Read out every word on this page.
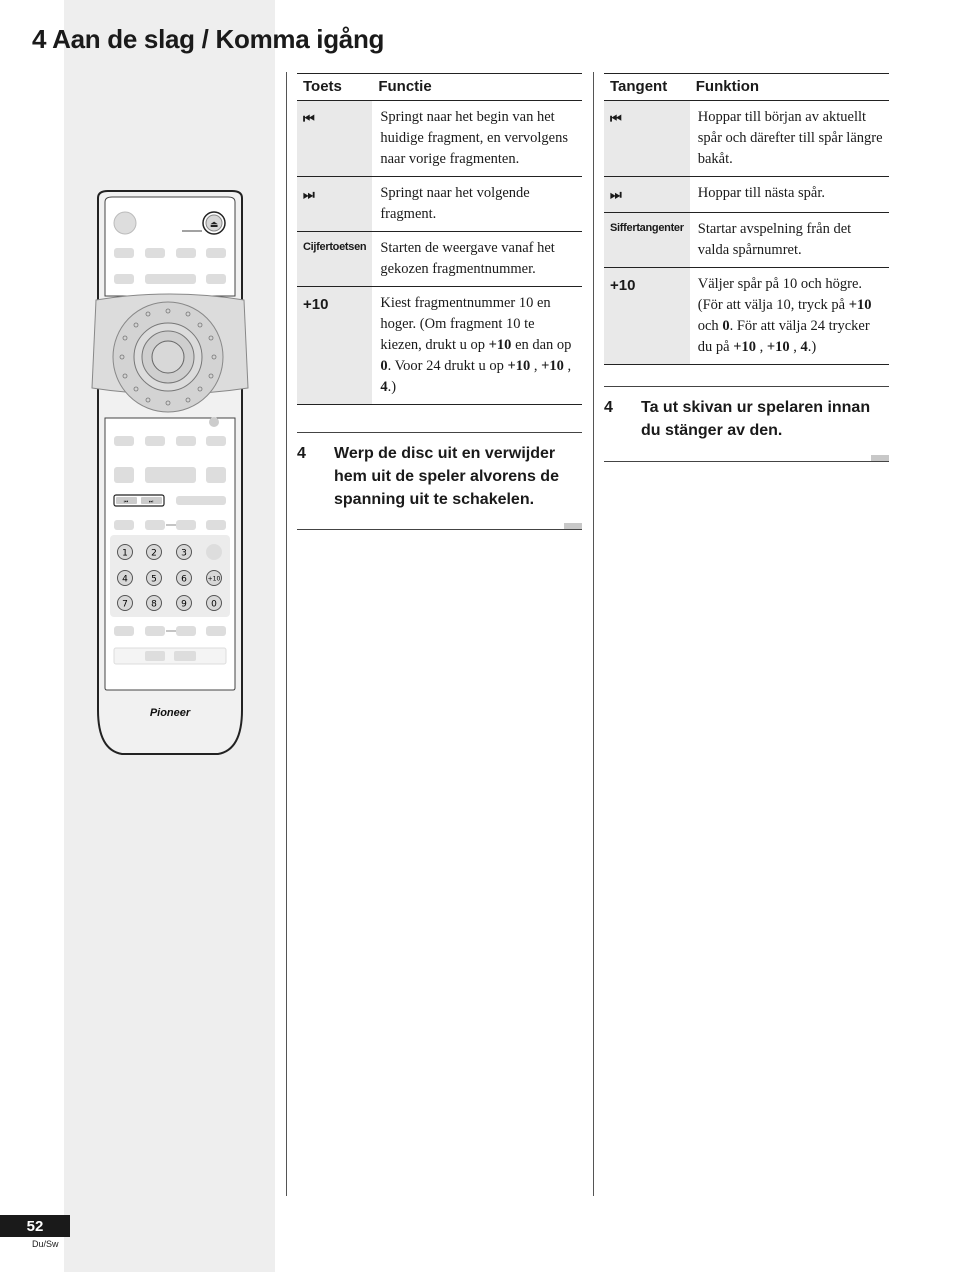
4 Aan de slag / Komma igång
⏏
⏮	⏭
1	2	3
4	5	6	+10
7	8	9	0
Pioneer
Toets	Functie
⏮	Springt naar het begin van het huidige fragment, en vervolgens naar vorige fragmenten.
⏭	Springt naar het volgende fragment.
Cijfertoetsen	Starten de weergave vanaf het gekozen fragmentnummer.
+10	Kiest fragmentnummer 10 en hoger. (Om fragment 10 te kiezen, drukt u op +10 en dan op 0. Voor 24 drukt u op +10 , +10 , 4.)
4	Werp de disc uit en verwijder hem uit de speler alvorens de spanning uit te schakelen.
Tangent	Funktion
⏮	Hoppar till början av aktuellt spår och därefter till spår längre bakåt.
⏭	Hoppar till nästa spår.
Siffertangenter	Startar avspelning från det valda spårnumret.
+10	Väljer spår på 10 och högre. (För att välja 10, tryck på +10 och 0. För att välja 24 trycker du på +10 , +10 , 4.)
4	Ta ut skivan ur spelaren innan du stänger av den.
52
Du/Sw
